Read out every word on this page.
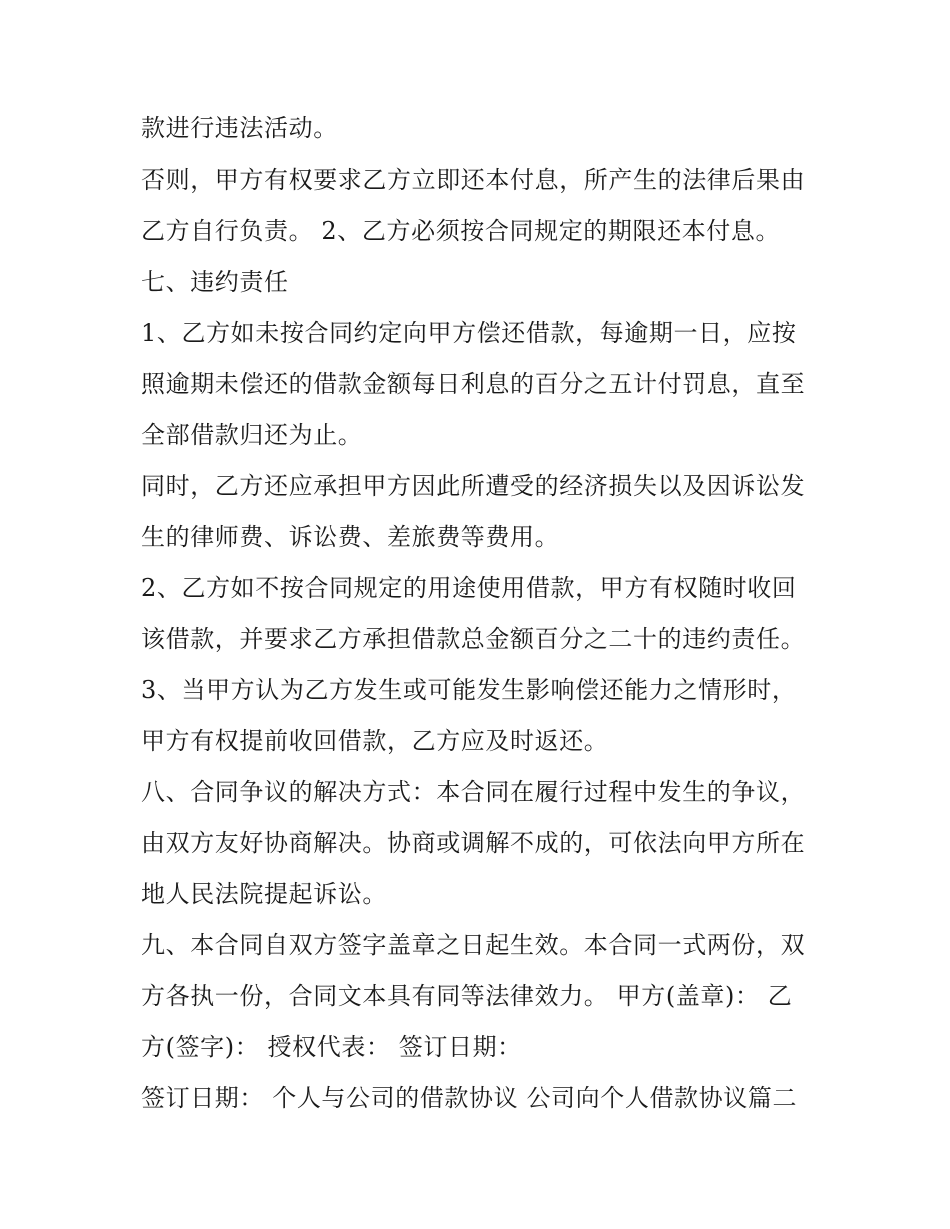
款进行违法活动。

否则，甲方有权要求乙方立即还本付息，所产生的法律后果由

乙方自行负责。 2、乙方必须按合同规定的期限还本付息。

七、违约责任

1、乙方如未按合同约定向甲方偿还借款，每逾期一日，应按

照逾期未偿还的借款金额每日利息的百分之五计付罚息，直至

全部借款归还为止。

同时，乙方还应承担甲方因此所遭受的经济损失以及因诉讼发

生的律师费、诉讼费、差旅费等费用。

2、乙方如不按合同规定的用途使用借款，甲方有权随时收回

该借款，并要求乙方承担借款总金额百分之二十的违约责任。

3、当甲方认为乙方发生或可能发生影响偿还能力之情形时，

甲方有权提前收回借款，乙方应及时返还。

八、合同争议的解决方式：本合同在履行过程中发生的争议，

由双方友好协商解决。协商或调解不成的，可依法向甲方所在

地人民法院提起诉讼。

九、本合同自双方签字盖章之日起生效。本合同一式两份，双

方各执一份，合同文本具有同等法律效力。 甲方(盖章)： 乙

方(签字)： 授权代表： 签订日期：

签订日期： 个人与公司的借款协议 公司向个人借款协议篇二
